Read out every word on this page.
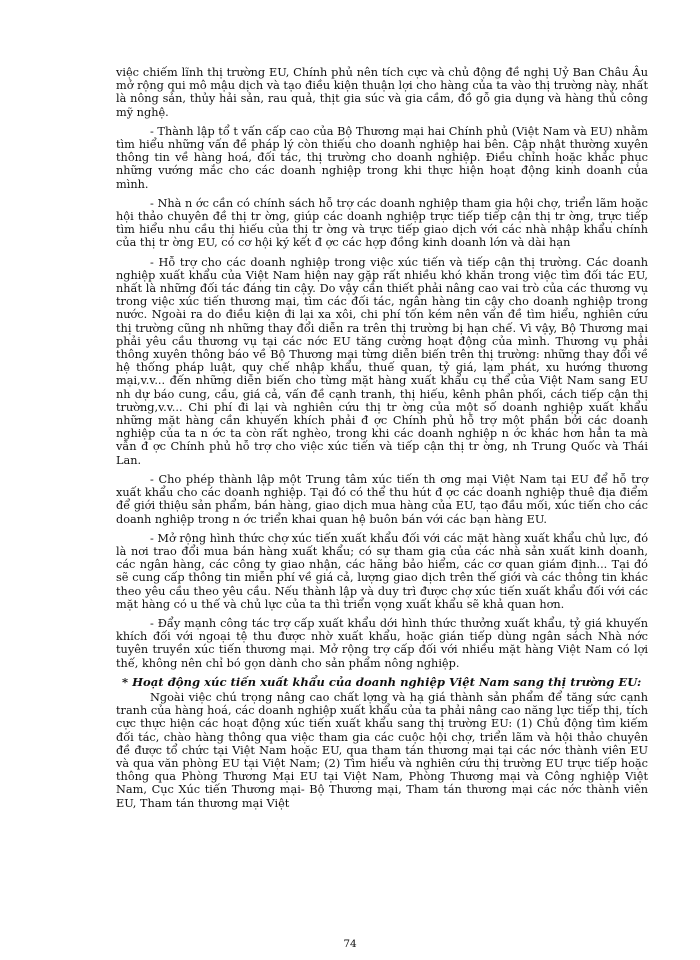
việc chiếm lĩnh thị trường EU, Chính phủ nên tích cực và chủ động đề nghị Uỷ Ban Châu Âu mở rộng qui mô mậu dịch và tạo điều kiện thuận lợi cho hàng của ta vào thị trường này, nhất là nông sản, thủy hải sản, rau quả, thịt gia súc và gia cầm, đồ gỗ gia dụng và hàng thủ công mỹ nghệ.

- Thành lập tổ t vấn cấp cao của Bộ Thương mại hai Chính phủ (Việt Nam và EU) nhằm tìm hiểu những vấn đề pháp lý còn thiếu cho doanh nghiệp hai bên. Cập nhật thường xuyên thông tin về hàng hoá, đối tác, thị trường cho doanh nghiệp. Điều chỉnh hoặc khắc phục những vướng mắc cho các doanh nghiệp trong khi thực hiện hoạt động kinh doanh của mình.

- Nhà n ớc cần có chính sách hỗ trợ các doanh nghiệp tham gia hội chợ, triển lãm hoặc hội thảo chuyên đề thị tr ờng, giúp các doanh nghiệp trực tiếp tiếp cận thị tr ờng, trực tiếp tìm hiểu nhu cầu thị hiếu của thị tr ờng và trực tiếp giao dịch với các nhà nhập khẩu chính của thị tr ờng EU, có cơ hội ký kết đ ợc các hợp đồng kinh doanh lớn và dài hạn

- Hỗ trợ cho các doanh nghiệp trong việc xúc tiến và tiếp cận thị trường. Các doanh nghiệp xuất khẩu của Việt Nam hiện nay gặp rất nhiều khó khăn trong việc tìm đối tác EU, nhất là những đối tác đáng tin cậy. Do vậy cần thiết phải nâng cao vai trò của các thương vụ trong việc xúc tiến thương mại, tìm các đối tác, ngân hàng tin cậy cho doanh nghiệp trong nước. Ngoài ra do điều kiện đi lại xa xôi, chi phí tốn kém nên vấn đề tìm hiểu, nghiên cứu thị trường cũng nh những thay đổi diễn ra trên thị trường bị hạn chế. Vì vậy, Bộ Thương mại phải yêu cầu thương vụ tại các nớc EU tăng cường hoạt động của mình. Thương vụ phải thông xuyên thông báo về Bộ Thương mại từng diễn biến trên thị trường: những thay đổi về hệ thống pháp luật, quy chế nhập khẩu, thuế quan, tỷ giá, lạm phát, xu hướng thương mại,v.v... đến những diễn biến cho từng mặt hàng xuất khẩu cụ thể của Việt Nam sang EU nh dự báo cung, cầu, giá cả, vấn đề cạnh tranh, thị hiếu, kênh phân phối, cách tiếp cận thị trường,v.v... Chi phí đi lại và nghiên cứu thị tr ờng của một số doanh nghiệp xuất khẩu những mặt hàng cần khuyến khích phải đ ợc Chính phủ hỗ trợ một phần bởi các doanh nghiệp của ta n ớc ta còn rất nghèo, trong khi các doanh nghiệp n ớc khác hơn hẳn ta mà vẫn đ ợc Chính phủ hỗ trợ cho việc xúc tiến và tiếp cận thị tr ờng, nh Trung Quốc và Thái Lan.

- Cho phép thành lập một Trung tâm xúc tiến th ơng mại Việt Nam tại EU để hỗ trợ xuất khẩu cho các doanh nghiệp. Tại đó có thể thu hút đ ợc các doanh nghiệp thuê địa điểm để giới thiệu sản phẩm, bán hàng, giao dịch mua hàng của EU, tạo đầu mối, xúc tiến cho các doanh nghiệp trong n ớc triển khai quan hệ buôn bán với các bạn hàng EU.

- Mở rộng hình thức chợ xúc tiến xuất khẩu đối với các mặt hàng xuất khẩu chủ lực, đó là nơi trao đổi mua bán hàng xuất khẩu; có sự tham gia của các nhà sản xuất kinh doanh, các ngân hàng, các công ty giao nhận, các hãng bảo hiểm, các cơ quan giám định... Tại đó sẽ cung cấp thông tin miễn phí về giá cả, lượng giao dịch trên thế giới và các thông tin khác theo yêu cầu theo yêu cầu. Nếu thành lập và duy trì được chợ xúc tiến xuất khẩu đối với các mặt hàng có u thế và chủ lực của ta thì triển vọng xuất khẩu sẽ khả quan hơn.

- Đẩy mạnh công tác trợ cấp xuất khẩu dới hình thức thưởng xuất khẩu, tỷ giá khuyến khích đối với ngoại tệ thu được nhờ xuất khẩu, hoặc gián tiếp dùng ngân sách Nhà nớc tuyên truyền xúc tiến thương mại. Mở rộng trợ cấp đối với nhiều mặt hàng Việt Nam có lợi thế, không nên chỉ bó gọn dành cho sản phẩm nông nghiệp.

* Hoạt động xúc tiến xuất khẩu của doanh nghiệp Việt Nam sang thị trường EU:

Ngoài việc chú trọng nâng cao chất lợng và hạ giá thành sản phẩm để tăng sức cạnh tranh của hàng hoá, các doanh nghiệp xuất khẩu của ta phải nâng cao năng lực tiếp thị, tích cực thực hiện các hoạt động xúc tiến xuất khẩu sang thị trường EU: (1) Chủ động tìm kiếm đối tác, chào hàng thông qua việc tham gia các cuộc hội chợ, triển lãm và hội thảo chuyên đề được tổ chức tại Việt Nam hoặc EU, qua tham tán thương mại tại các nớc thành viên EU và qua văn phòng EU tại Việt Nam; (2) Tìm hiểu và nghiên cứu thị trường EU trực tiếp hoặc thông qua Phòng Thương Mại EU tại Việt Nam, Phòng Thương mại và Công nghiệp Việt Nam, Cục Xúc tiến Thương mại- Bộ Thương mại, Tham tán thương mại các nớc thành viên EU, Tham tán thương mại Việt

74
